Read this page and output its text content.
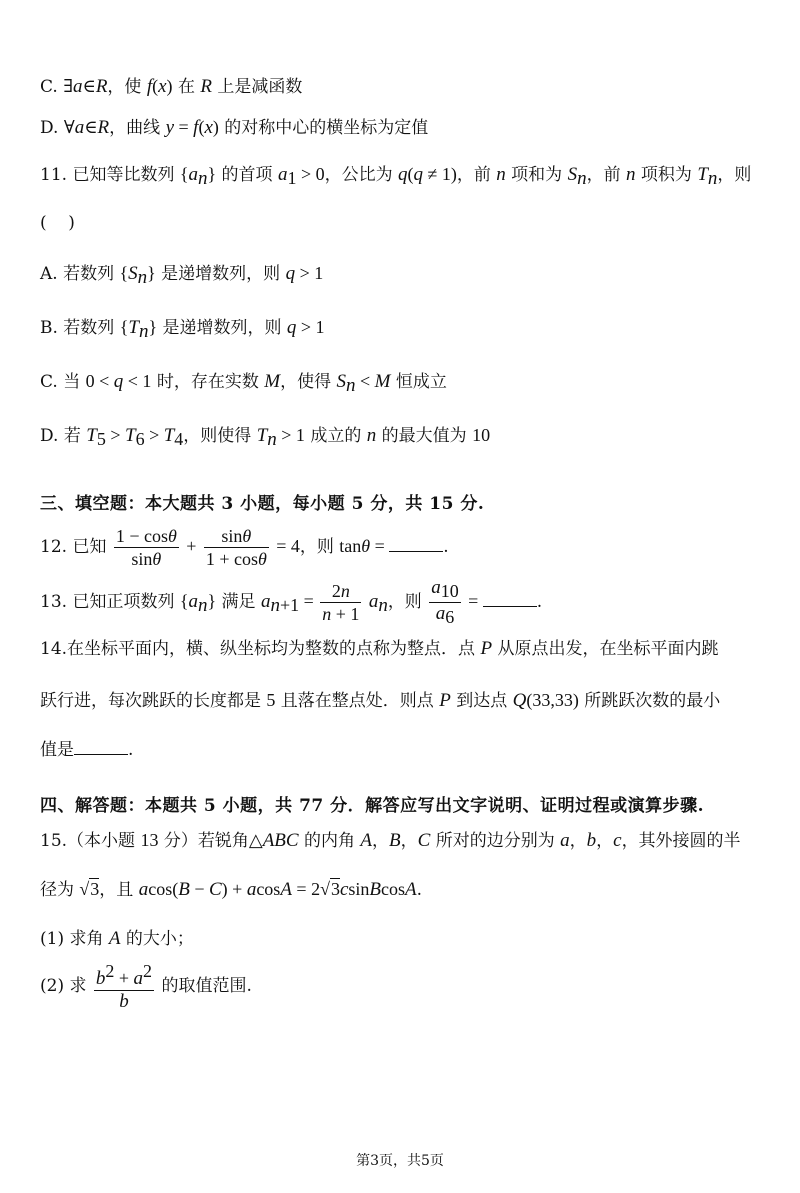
C. ∃a∈R，使 f(x) 在 R 上是减函数
D. ∀a∈R，曲线 y = f(x) 的对称中心的横坐标为定值
11. 已知等比数列 $\{a_n\}$ 的首项 $a_1 > 0$，公比为 q(q ≠ 1)，前 n 项和为 $S_n$，前 n 项积为 $T_n$，则
(    )
A. 若数列 $\{S_n\}$ 是递增数列，则 q > 1
B. 若数列 $\{T_n\}$ 是递增数列，则 q > 1
C. 当 0 < q < 1 时，存在实数 M，使得 $S_n < M$ 恒成立
D. 若 $T_5 > T_6 > T_4$，则使得 $T_n > 1$ 成立的 n 的最大值为 10
三、填空题：本大题共 3 小题，每小题 5 分，共 15 分.
12. 已知 $\frac{1 - \cos\theta}{\sin\theta} + \frac{\sin\theta}{1 + \cos\theta} = 4$，则 tanθ =	.
13. 已知正项数列 $\{a_n\}$ 满足 $a_{n+1} = \frac{2n}{n + 1} a_n$，则 $\frac{a_{10}}{a_6}$ =	.
14.在坐标平面内，横、纵坐标均为整数的点称为整点．点 P 从原点出发，在坐标平面内跳
跃行进，每次跳跃的长度都是 5 且落在整点处．则点 P 到达点 Q(33,33) 所跳跃次数的最小
值是	.
四、解答题：本题共 5 小题，共 77 分．解答应写出文字说明、证明过程或演算步骤.
15.（本小题 13 分）若锐角△ABC 的内角 A，B，C 所对的边分别为 a，b，c，其外接圆的半
径为 √3，且 acos(B − C) + acosA = 2√3csinBcosA.
(1) 求角 A 的大小；
(2) 求 $\frac{b^2 + a^2}{b}$ 的取值范围.
第3页，共5页
